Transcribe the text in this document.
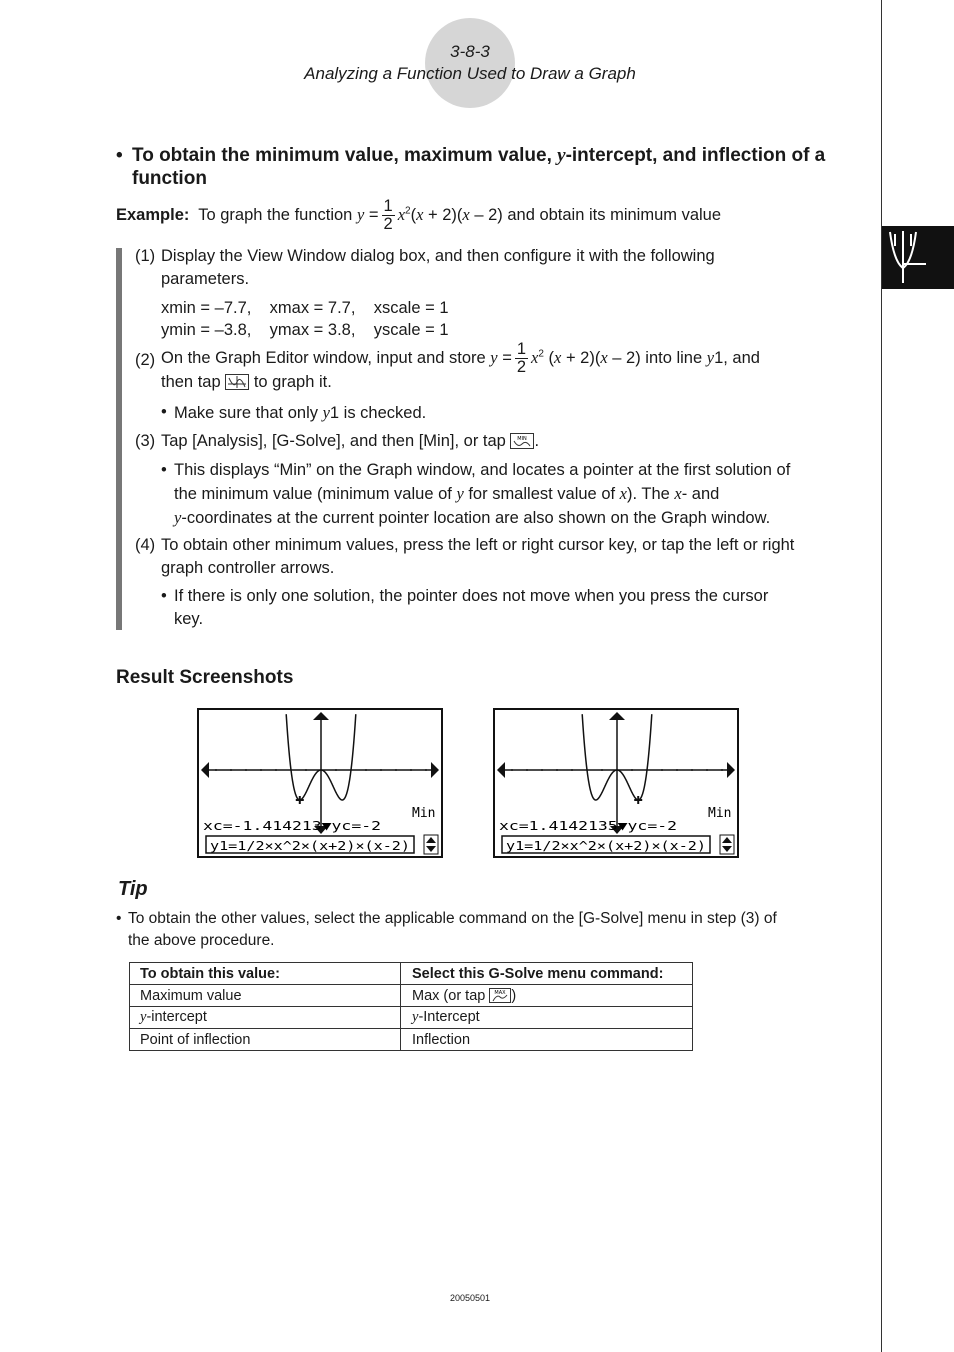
3-8-3
Analyzing a Function Used to Draw a Graph
• To obtain the minimum value, maximum value, y-intercept, and inflection of a function
Example: To graph the function $y = \frac{1}{2} x^2(x + 2)(x - 2)$ and obtain its minimum value
(1) Display the View Window dialog box, and then configure it with the following
parameters.
xmin = –7.7,    xmax = 7.7,    xscale = 1
ymin = –3.8,    ymax = 3.8,    yscale = 1
(2) On the Graph Editor window, input and store $y = \frac{1}{2} x^2$ (x + 2)(x – 2) into line y1, and
then tap to graph it.
• Make sure that only y1 is checked.
(3) Tap [Analysis], [G-Solve], and then [Min], or tap MIN .
• This displays “Min” on the Graph window, and locates a pointer at the first solution of
the minimum value (minimum value of y for smallest value of x). The x- and
y-coordinates at the current pointer location are also shown on the Graph window.
(4) To obtain other minimum values, press the left or right cursor key, or tap the left or right
graph controller arrows.
• If there is only one solution, the pointer does not move when you press the cursor
key.
Result Screenshots
Min
xc=-1.414213▼yc=-2
y1=1/2×x^2×(x+2)×(x-2)
Min
xc=1.4142135▼yc=-2
y1=1/2×x^2×(x+2)×(x-2)
Tip
• To obtain the other values, select the applicable command on the [G-Solve] menu in step (3) of
the above procedure.
To obtain this value:	Select this G-Solve menu command:
Maximum value	Max (or tap MAX )
y-intercept	y-Intercept
Point of inflection	Inflection
20050501
